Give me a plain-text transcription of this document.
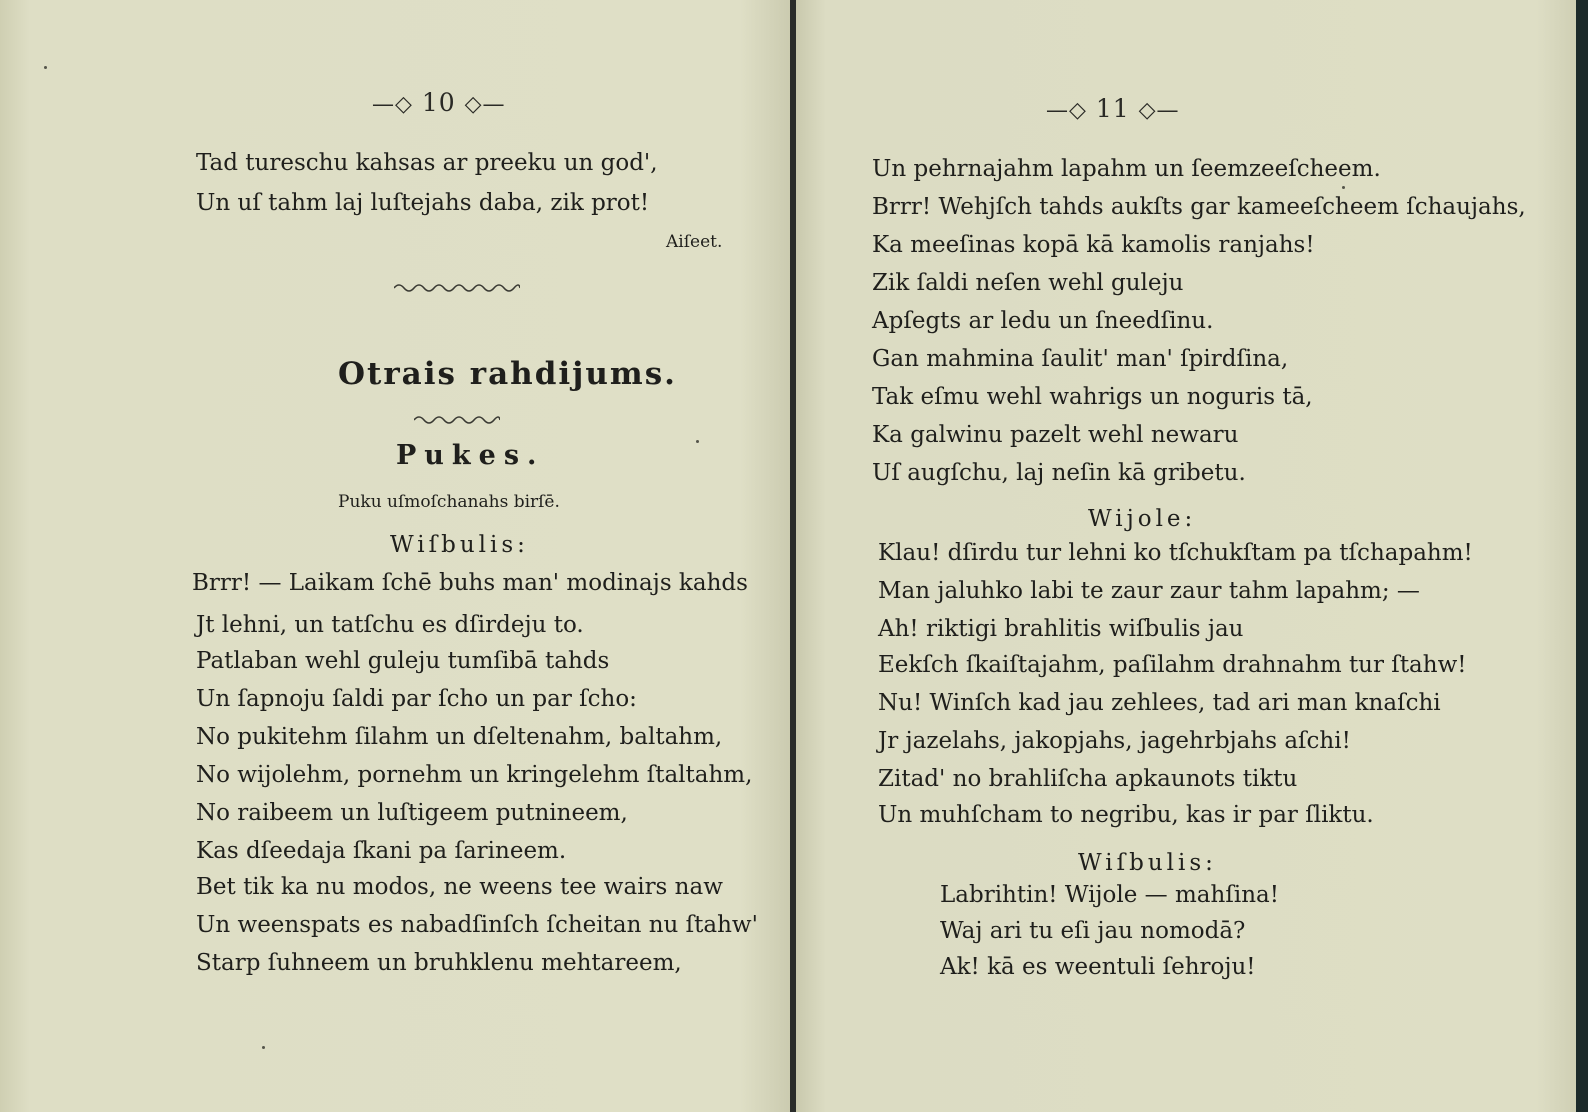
—◇ 10 ◇—
Tad tureschu kahsas ar preeku un god',
Un uſ tahm laj luſtejahs daba, zik prot!
Aiſeet.
Otrais rahdijums.
Pukes.
Puku uſmoſchanahs birſē.
Wiſbulis:
Brrr! — Laikam ſchē buhs man' modinajs kahds
Jt lehni, un tatſchu es dſirdeju to.
Patlaban wehl guleju tumſibā tahds
Un ſapnoju ſaldi par ſcho un par ſcho:
No pukitehm ſilahm un dſeltenahm, baltahm,
No wijolehm, pornehm un kringelehm ſtaltahm,
No raibeem un luſtigeem putnineem,
Kas dſeedaja ſkani pa ſarineem.
Bet tik ka nu modos, ne weens tee wairs naw
Un weenspats es nabadſinſch ſcheitan nu ſtahw'
Starp ſuhneem un bruhklenu mehtareem,
—◇ 11 ◇—
Un pehrnajahm lapahm un ſeemzeeſcheem.
Brrr! Wehjſch tahds aukſts gar kameeſcheem ſchaujahs,
Ka meeſinas kopā kā kamolis ranjahs!
Zik ſaldi neſen wehl guleju
Apſegts ar ledu un ſneedſinu.
Gan mahmina ſaulit' man' ſpirdſina,
Tak eſmu wehl wahrigs un noguris tā,
Ka galwinu pazelt wehl newaru
Uſ augſchu, laj neſin kā gribetu.
Wijole:
Klau! dſirdu tur lehni ko tſchukſtam pa tſchapahm!
Man jaluhko labi te zaur zaur tahm lapahm; —
Ah! riktigi brahlitis wiſbulis jau
Eekſch ſkaiſtajahm, paſilahm drahnahm tur ſtahw!
Nu! Winſch kad jau zehlees, tad ari man knaſchi
Jr jazelahs, jakopjahs, jagehrbjahs aſchi!
Zitad' no brahliſcha apkaunots tiktu
Un muhſcham to negribu, kas ir par ſliktu.
Wiſbulis:
Labrihtin! Wijole — mahſina!
Waj ari tu eſi jau nomodā?
Ak! kā es weentuli ſehroju!
